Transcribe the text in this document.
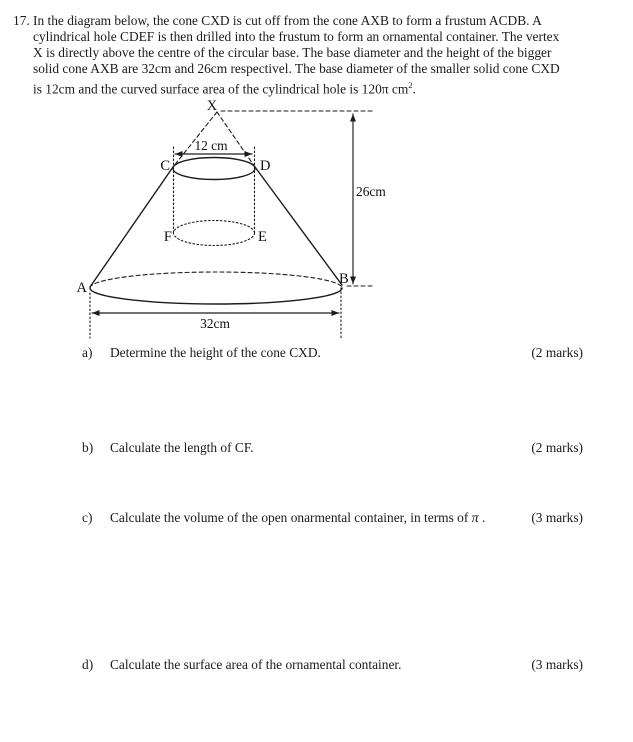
17. In the diagram below, the cone CXD is cut off from the cone AXB to form a frustum ACDB. A
cylindrical hole CDEF is then drilled into the frustum to form an ornamental container. The vertex
X is directly above the centre of the circular base. The base diameter and the height of the bigger
solid cone AXB are 32cm and 26cm respectivel. The base diameter of the smaller solid cone CXD
is 12cm and the curved surface area of the cylindrical hole is 120π $cm^2$.
X
26cm
12 cm
C	D
F	E
A
B
32cm
a) Determine the height of the cone CXD.	(2 marks)
b) Calculate the length of CF.	(2 marks)
c) Calculate the volume of the open onarmental container, in terms of π .	(3 marks)
d) Calculate the surface area of the ornamental container.	(3 marks)
